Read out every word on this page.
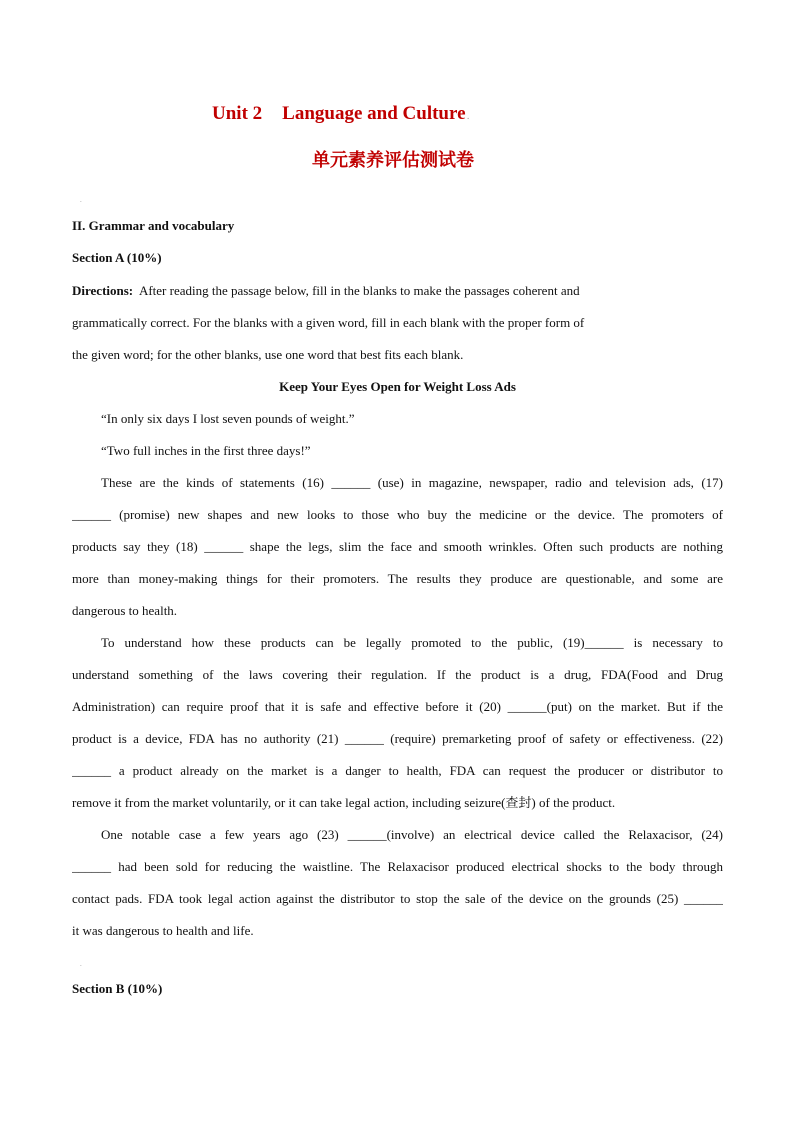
Unit 2 Language and Culture .
单元素养评估测试卷
.
II. Grammar and vocabulary
Section A (10%)
Directions: After reading the passage below, fill in the blanks to make the passages coherent and
grammatically correct. For the blanks with a given word, fill in each blank with the proper form of
the given word; for the other blanks, use one word that best fits each blank.
Keep Your Eyes Open for Weight Loss Ads
“In only six days I lost seven pounds of weight.”
“Two full inches in the first three days!”
These are the kinds of statements (16) ______ (use) in magazine, newspaper, radio and television ads, (17)
______ (promise) new shapes and new looks to those who buy the medicine or the device. The promoters of
products say they (18) ______ shape the legs, slim the face and smooth wrinkles. Often such products are nothing
more than money-making things for their promoters. The results they produce are questionable, and some are
dangerous to health.
To understand how these products can be legally promoted to the public, (19)______ is necessary to
understand something of the laws covering their regulation. If the product is a drug, FDA(Food and Drug
Administration) can require proof that it is safe and effective before it (20) ______(put) on the market. But if the
product is a device, FDA has no authority (21) ______ (require) premarketing proof of safety or effectiveness. (22)
______ a product already on the market is a danger to health, FDA can request the producer or distributor to
remove it from the market voluntarily, or it can take legal action, including seizure(查封) of the product.
One notable case a few years ago (23) ______(involve) an electrical device called the Relaxacisor, (24)
______ had been sold for reducing the waistline. The Relaxacisor produced electrical shocks to the body through
contact pads. FDA took legal action against the distributor to stop the sale of the device on the grounds (25) ______
it was dangerous to health and life.
.
Section B (10%)
